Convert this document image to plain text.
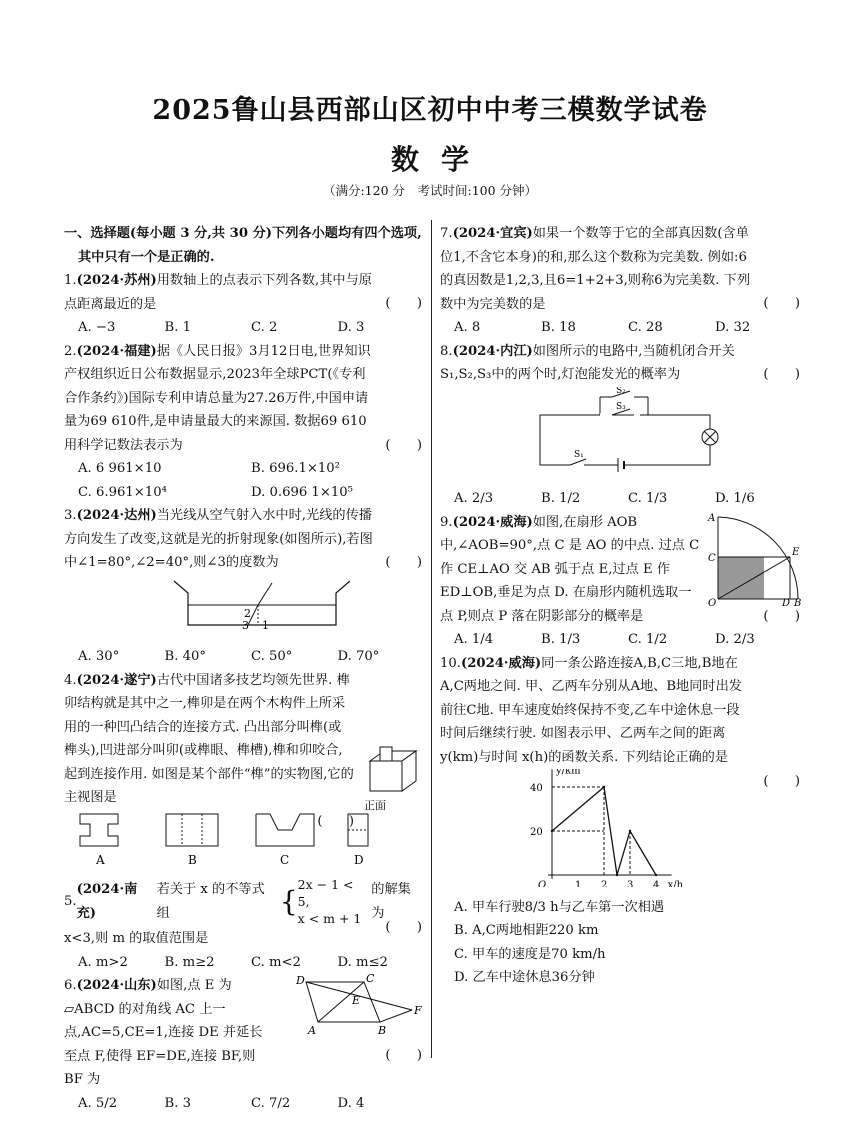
2025鲁山县西部山区初中中考三模数学试卷
数学
（满分:120 分　考试时间:100 分钟）

一、选择题(每小题 3 分,共 30 分)下列各小题均有四个选项,其中只有一个是正确的.

1.(2024·苏州)用数轴上的点表示下列各数,其中与原点距离最近的是	(　　)
A. −3	B. 1	C. 2	D. 3

2.(2024·福建)据《人民日报》3月12日电,世界知识产权组织近日公布数据显示,2023年全球PCT(《专利合作条约》)国际专利申请总量为27.26万件,中国申请量为69 610件,是申请量最大的来源国. 数据69 610用科学记数法表示为	(　　)
A. 6 961×10	B. 696.1×10²
C. 6.961×10⁴	D. 0.696 1×10⁵

3.(2024·达州)当光线从空气射入水中时,光线的传播方向发生了改变,这就是光的折射现象(如图所示),若图中∠1=80°,∠2=40°,则∠3的度数为	(　　)
2
3 1
A. 30°	B. 40°	C. 50°	D. 70°

4.(2024·遂宁)古代中国诸多技艺均领先世界. 榫卯结构就是其中之一,榫卯是在两个木构件上所采用的一种凹凸结合的连接方式. 凸出部分叫榫(或榫头),凹进部分叫卯(或榫眼、榫槽),榫和卯咬合,起到连接作用. 如图是某个部件“榫”的实物图,它的主视图是

(　　)
正面
A	B	C	D

5.
(2024·南充)
若关于 x 的不等式组	{ 2x − 1 < 5,
x < m + 1
的解集为

x<3,则 m 的取值范围是

(　　)
A. m>2	B. m≥2	C. m<2	D. m≤2

6.(2024·山东)如图,点 E 为▱ABCD 的对角线 AC 上一点,AC=5,CE=1,连接 DE 并延长至点 F,使得 EF=DE,连接 BF,则 BF 为

(　　)
D	C
E
F
A	B
A. 5/2	B. 3	C. 7/2	D. 4

7.(2024·宜宾)如果一个数等于它的全部真因数(含单位1,不含它本身)的和,那么这个数称为完美数. 例如:6的真因数是1,2,3,且6=1+2+3,则称6为完美数. 下列数中为完美数的是	(　　)
A. 8	B. 18	C. 28	D. 32

8.(2024·内江)如图所示的电路中,当随机闭合开关S₁,S₂,S₃中的两个时,灯泡能发光的概率为	(　　)
S₂
S₃
S₁
A. 2/3	B. 1/2	C. 1/3	D. 1/6

9.(2024·威海)如图,在扇形 AOB 中,∠AOB=90°,点 C 是 AO 的中点. 过点 C 作 CE⊥AO 交 AB 弧于点 E,过点 E 作 ED⊥OB,垂足为点 D. 在扇形内随机选取一点 P,则点 P 落在阴影部分的概率是	(　　)
A
C
E
O	D B
A. 1/4	B. 1/3	C. 1/2	D. 2/3

10.(2024·威海)同一条公路连接A,B,C三地,B地在A,C两地之间. 甲、乙两车分别从A地、B地同时出发前往C地. 甲车速度始终保持不变,乙车中途休息一段时间后继续行驶. 如图表示甲、乙两车之间的距离 y(km)与时间 x(h)的函数关系. 下列结论正确的是

(　　)
x/h
y/km
O
20
40
1 2 3 4
A. 甲车行驶8/3 h与乙车第一次相遇
B. A,C两地相距220 km
C. 甲车的速度是70 km/h
D. 乙车中途休息36分钟
